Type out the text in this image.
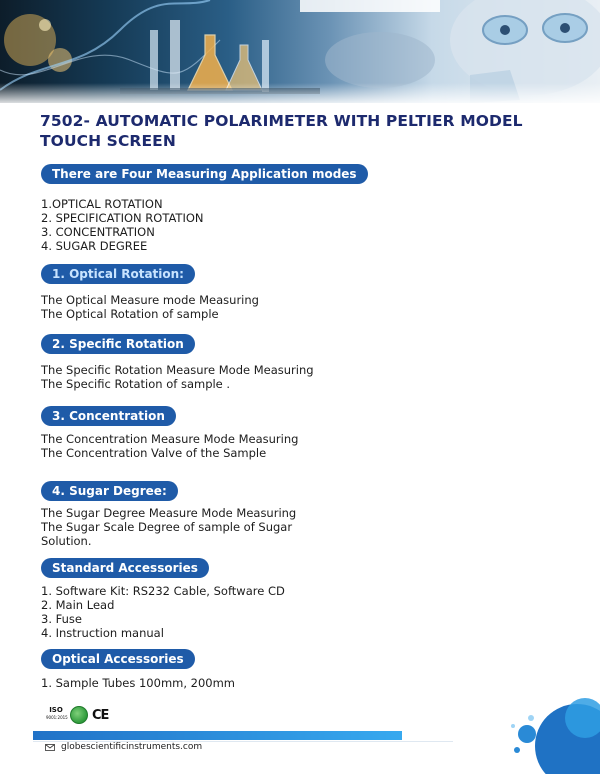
7502- AUTOMATIC POLARIMETER WITH PELTIER MODEL TOUCH SCREEN
There are Four Measuring Application modes
1.OPTICAL ROTATION
2. SPECIFICATION ROTATION
3. CONCENTRATION
4. SUGAR DEGREE
1. Optical Rotation:
The Optical Measure mode Measuring
The Optical Rotation of sample
2. Specific Rotation
The Specific Rotation Measure Mode Measuring
The Specific Rotation of sample .
3. Concentration
The Concentration Measure Mode Measuring
The Concentration Valve of the Sample
4. Sugar Degree:
The Sugar Degree Measure Mode Measuring
The Sugar Scale Degree of sample of Sugar
Solution.
Standard Accessories
1. Software Kit: RS232 Cable, Software CD
2. Main Lead
3. Fuse
4. Instruction manual
Optical Accessories
1. Sample Tubes 100mm, 200mm
ISO
9001:2015 CE
globescientificinstruments.com
